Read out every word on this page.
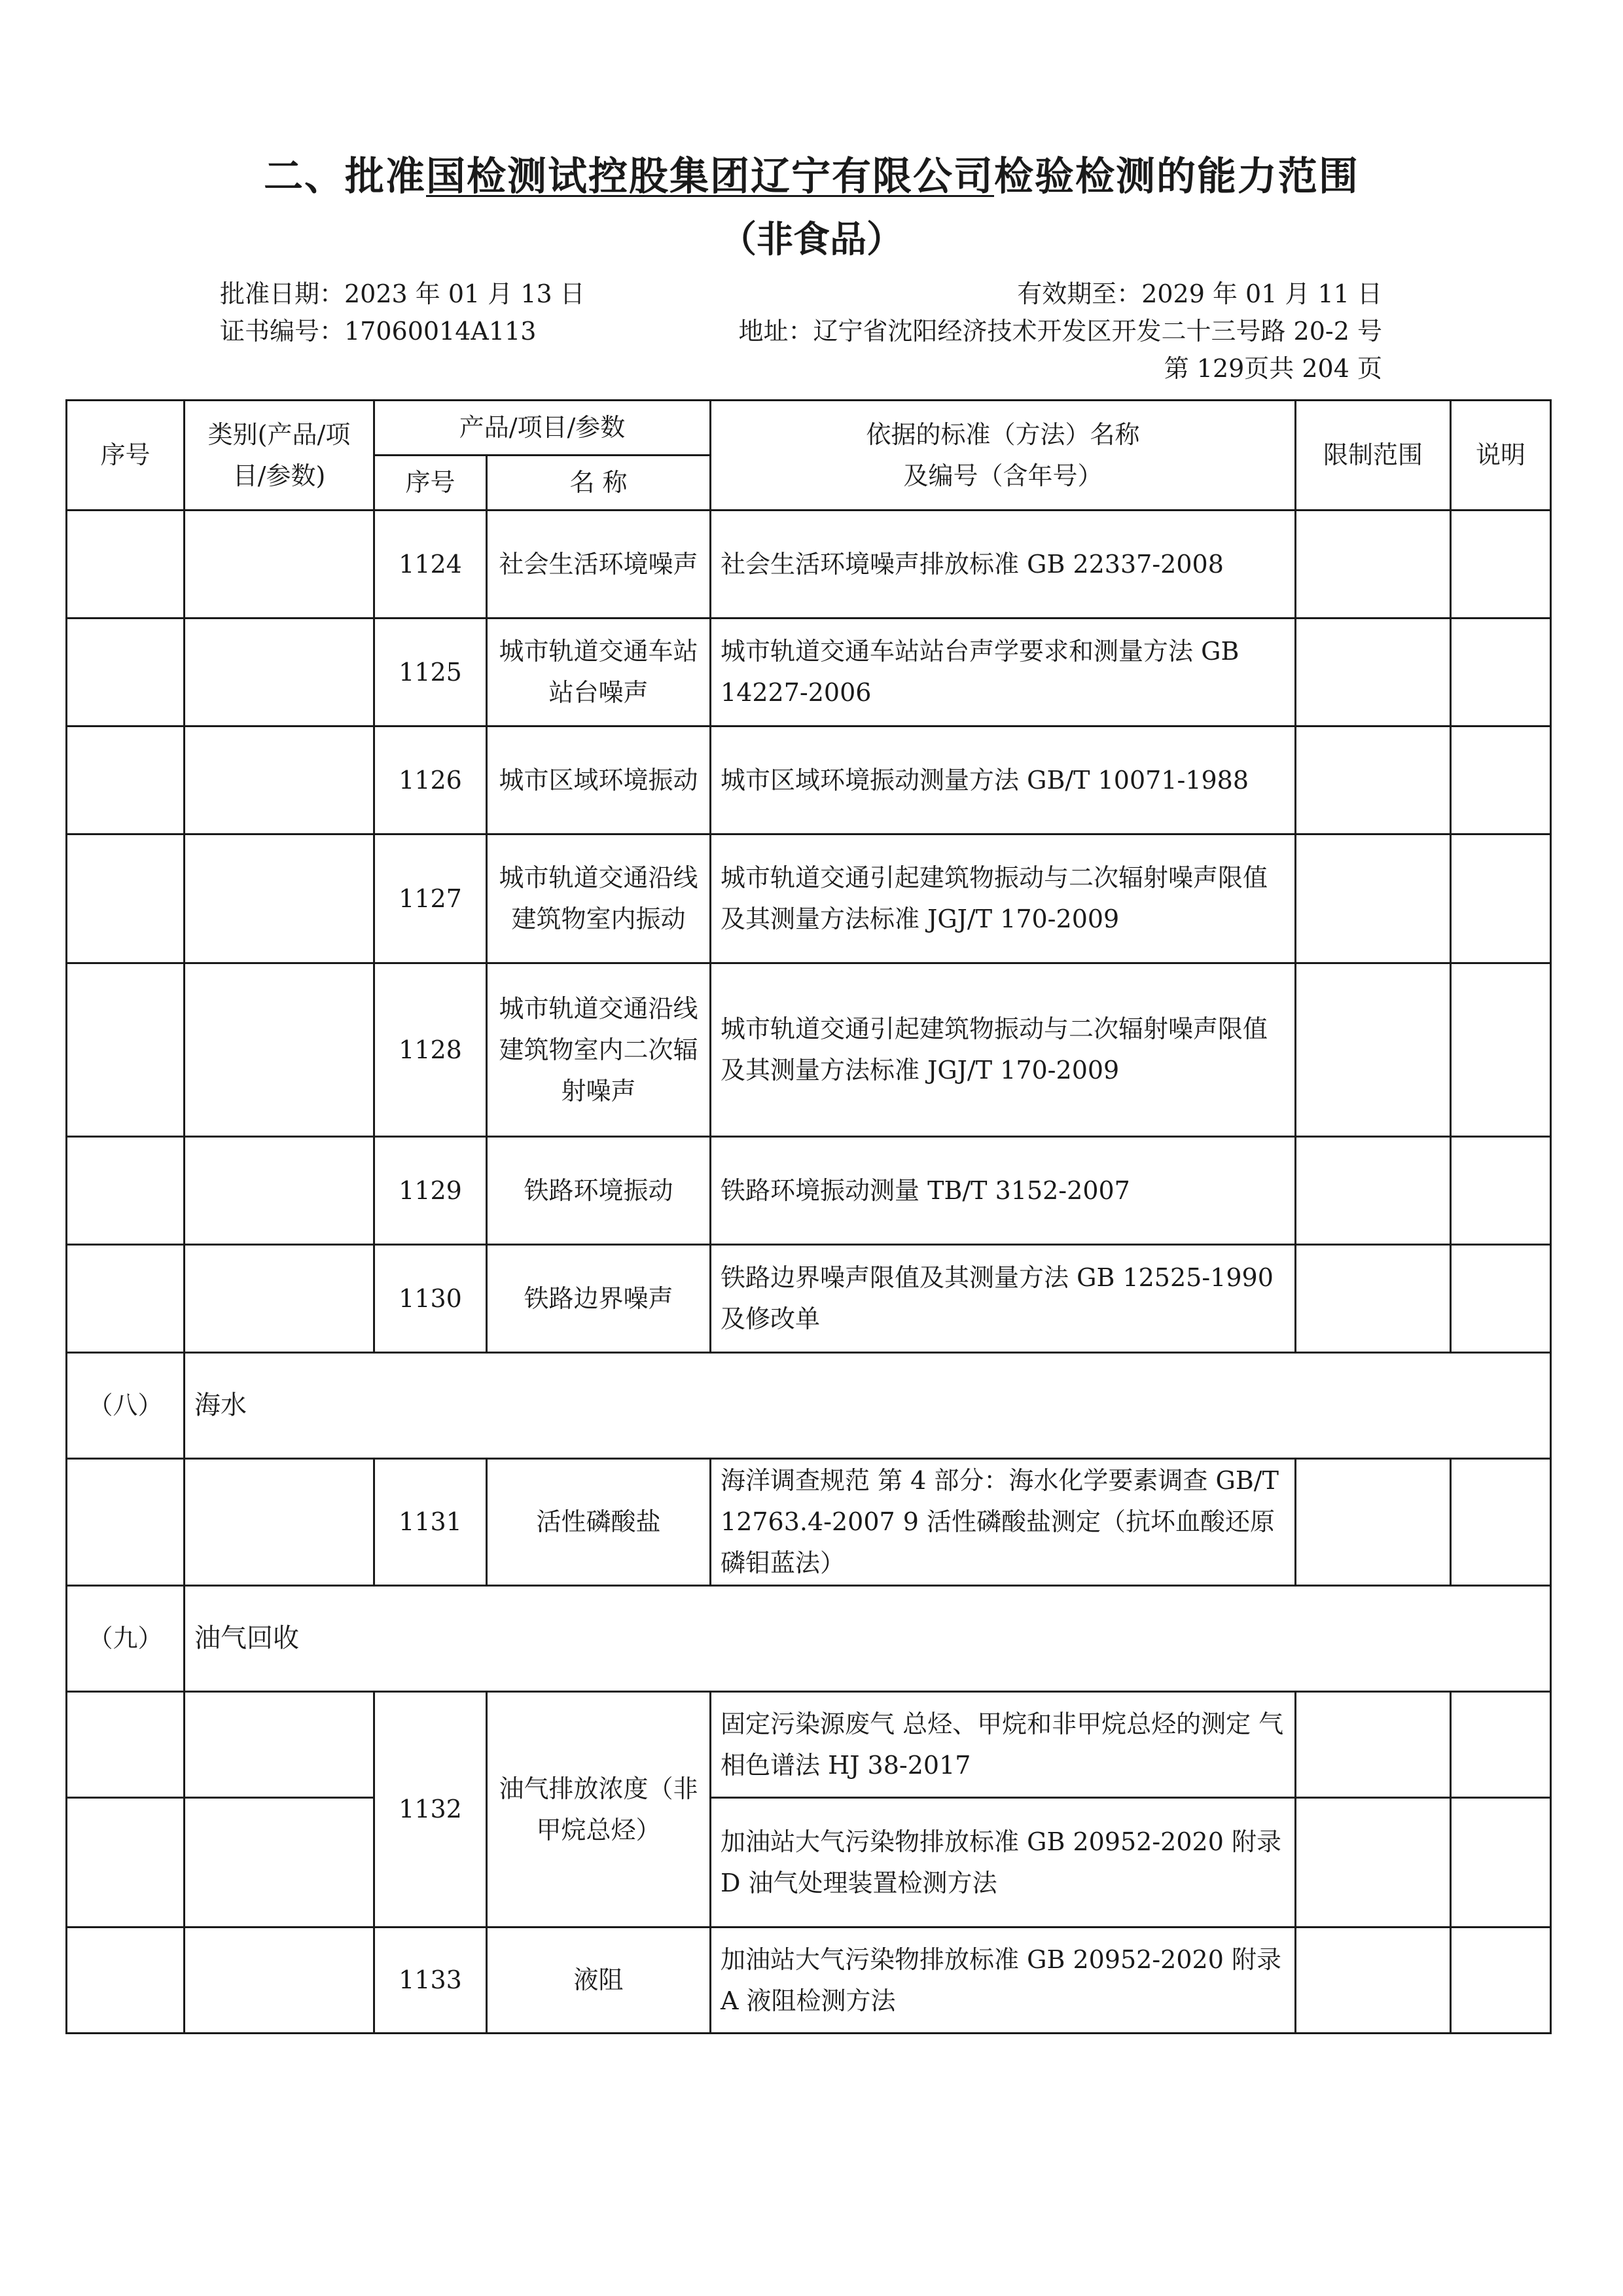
二、批准国检测试控股集团辽宁有限公司检验检测的能力范围
（非食品）
批准日期：2023 年 01 月 13 日	有效期至：2029 年 01 月 11 日
证书编号：17060014A113	地址：辽宁省沈阳经济技术开发区开发二十三号路 20-2 号
第 129页共 204 页
序号	类别(产品/项目/参数)	产品/项目/参数		依据的标准（方法）名称
及编号（含年号）	限制范围	说明
		序号	名 称			
		1124	社会生活环境噪声	社会生活环境噪声排放标准 GB 22337-2008		
		1125	城市轨道交通车站站台噪声	城市轨道交通车站站台声学要求和测量方法 GB 14227-2006		
		1126	城市区域环境振动	城市区域环境振动测量方法 GB/T 10071-1988		
		1127	城市轨道交通沿线建筑物室内振动	城市轨道交通引起建筑物振动与二次辐射噪声限值及其测量方法标准 JGJ/T 170-2009		
		1128	城市轨道交通沿线建筑物室内二次辐射噪声	城市轨道交通引起建筑物振动与二次辐射噪声限值及其测量方法标准 JGJ/T 170-2009		
		1129	铁路环境振动	铁路环境振动测量 TB/T 3152-2007		
		1130	铁路边界噪声	铁路边界噪声限值及其测量方法 GB 12525-1990 及修改单		
（八）	海水					
		1131	活性磷酸盐	海洋调查规范 第 4 部分：海水化学要素调查 GB/T 12763.4-2007 9 活性磷酸盐测定（抗坏血酸还原磷钼蓝法）		
（九）	油气回收					
		1132	油气排放浓度（非甲烷总烃）	固定污染源废气 总烃、甲烷和非甲烷总烃的测定 气相色谱法 HJ 38-2017		
				加油站大气污染物排放标准 GB 20952-2020 附录 D 油气处理装置检测方法		
		1133	液阻	加油站大气污染物排放标准 GB 20952-2020 附录 A 液阻检测方法		
